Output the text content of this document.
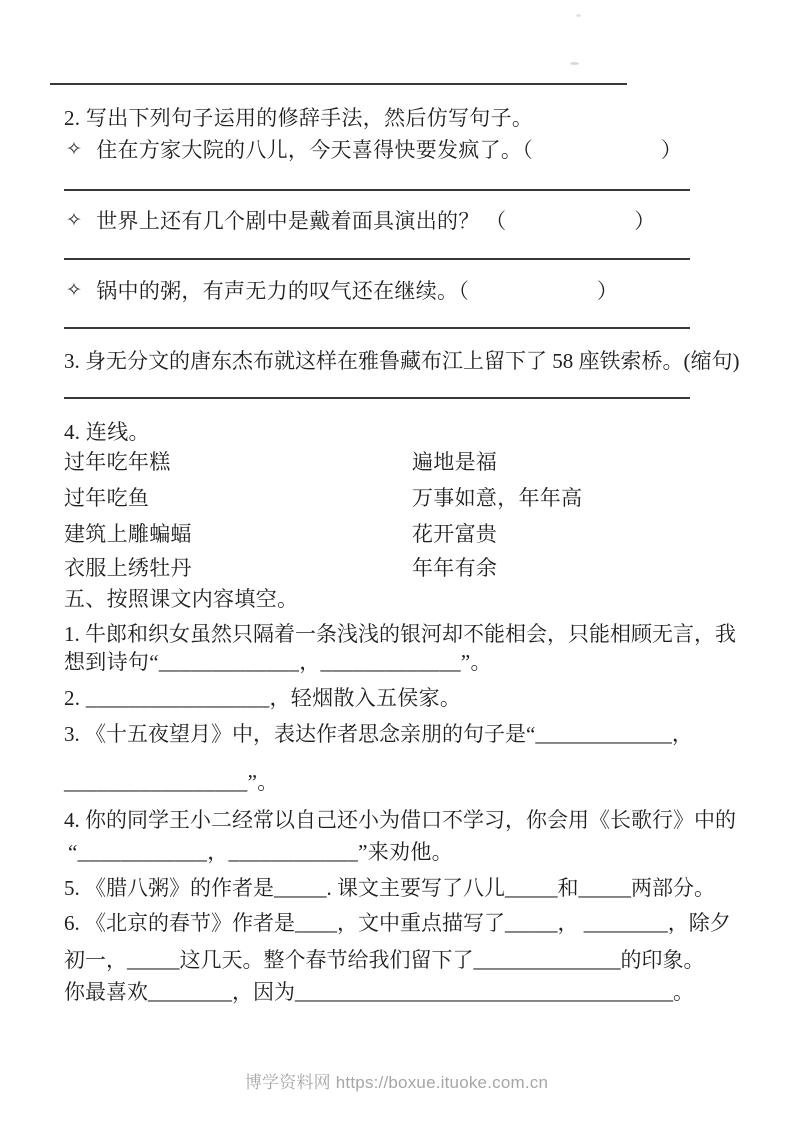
2. 写出下列句子运用的修辞手法，然后仿写句子。
✧ 住在方家大院的八儿，今天喜得快要发疯了。（　　　　　　）
✧ 世界上还有几个剧中是戴着面具演出的？ （　　　　　　）
✧ 锅中的粥，有声无力的叹气还在继续。（　　　　　　）
3. 身无分文的唐东杰布就这样在雅鲁藏布江上留下了 58 座铁索桥。(缩句)
4. 连线。
过年吃年糕	遍地是福
过年吃鱼	万事如意，年年高
建筑上雕蝙蝠	花开富贵
衣服上绣牡丹	年年有余
五、按照课文内容填空。
1. 牛郎和织女虽然只隔着一条浅浅的银河却不能相会，只能相顾无言，我
想到诗句“_____________，_____________”。
2. _________________，轻烟散入五侯家。
3. 《十五夜望月》中，表达作者思念亲朋的句子是“_____________，
_________________”。
4. 你的同学王小二经常以自己还小为借口不学习，你会用《长歌行》中的
“____________，____________”来劝他。
5. 《腊八粥》的作者是_____. 课文主要写了八儿_____和_____两部分。
6. 《北京的春节》作者是____，文中重点描写了_____， ________，除夕
初一，_____这几天。整个春节给我们留下了______________的印象。
你最喜欢________，因为____________________________________。
博学资料网 https://boxue.ituoke.com.cn
